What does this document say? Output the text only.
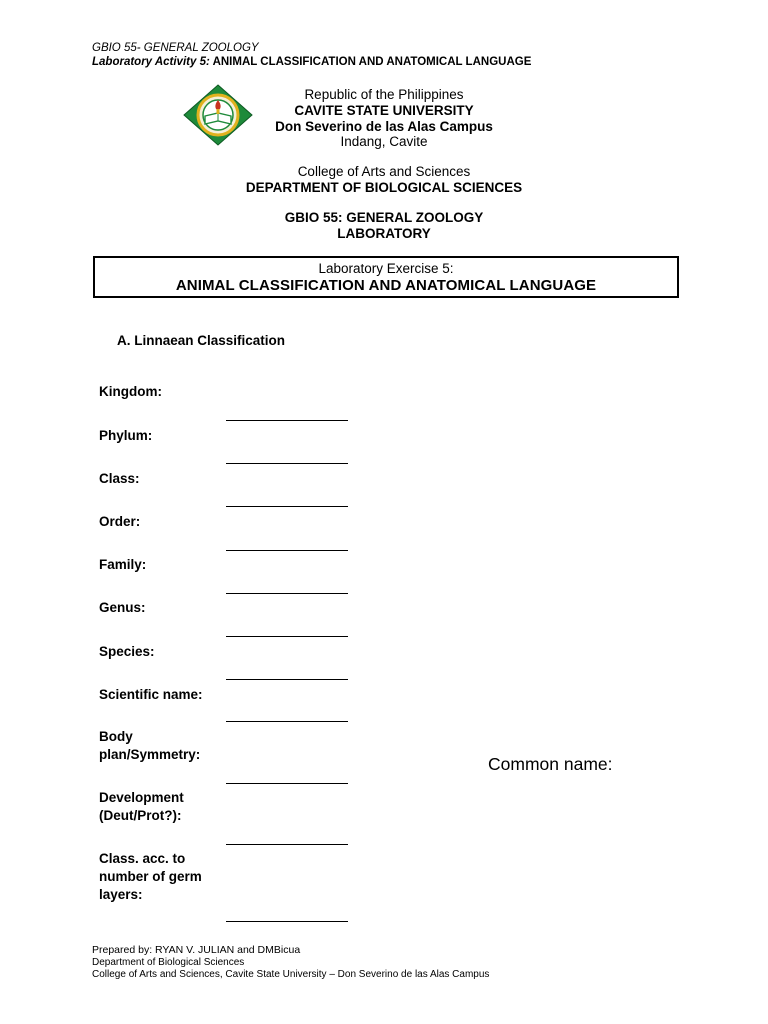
GBIO 55- GENERAL ZOOLOGY
Laboratory Activity 5: ANIMAL CLASSIFICATION AND ANATOMICAL LANGUAGE
Republic of the Philippines
CAVITE STATE UNIVERSITY
Don Severino de las Alas Campus
Indang, Cavite
College of Arts and Sciences
DEPARTMENT OF BIOLOGICAL SCIENCES
GBIO 55: GENERAL ZOOLOGY
LABORATORY
Laboratory Exercise 5:
ANIMAL CLASSIFICATION AND ANATOMICAL LANGUAGE
A. Linnaean Classification
Kingdom:
Phylum:
Class:
Order:
Family:
Genus:
Species:
Scientific name:
Body plan/Symmetry:
Development (Deut/Prot?):
Class. acc. to number of germ layers:
Common name:
Prepared by: RYAN V. JULIAN and DMBicua
Department of Biological Sciences
College of Arts and Sciences, Cavite State University – Don Severino de las Alas Campus
